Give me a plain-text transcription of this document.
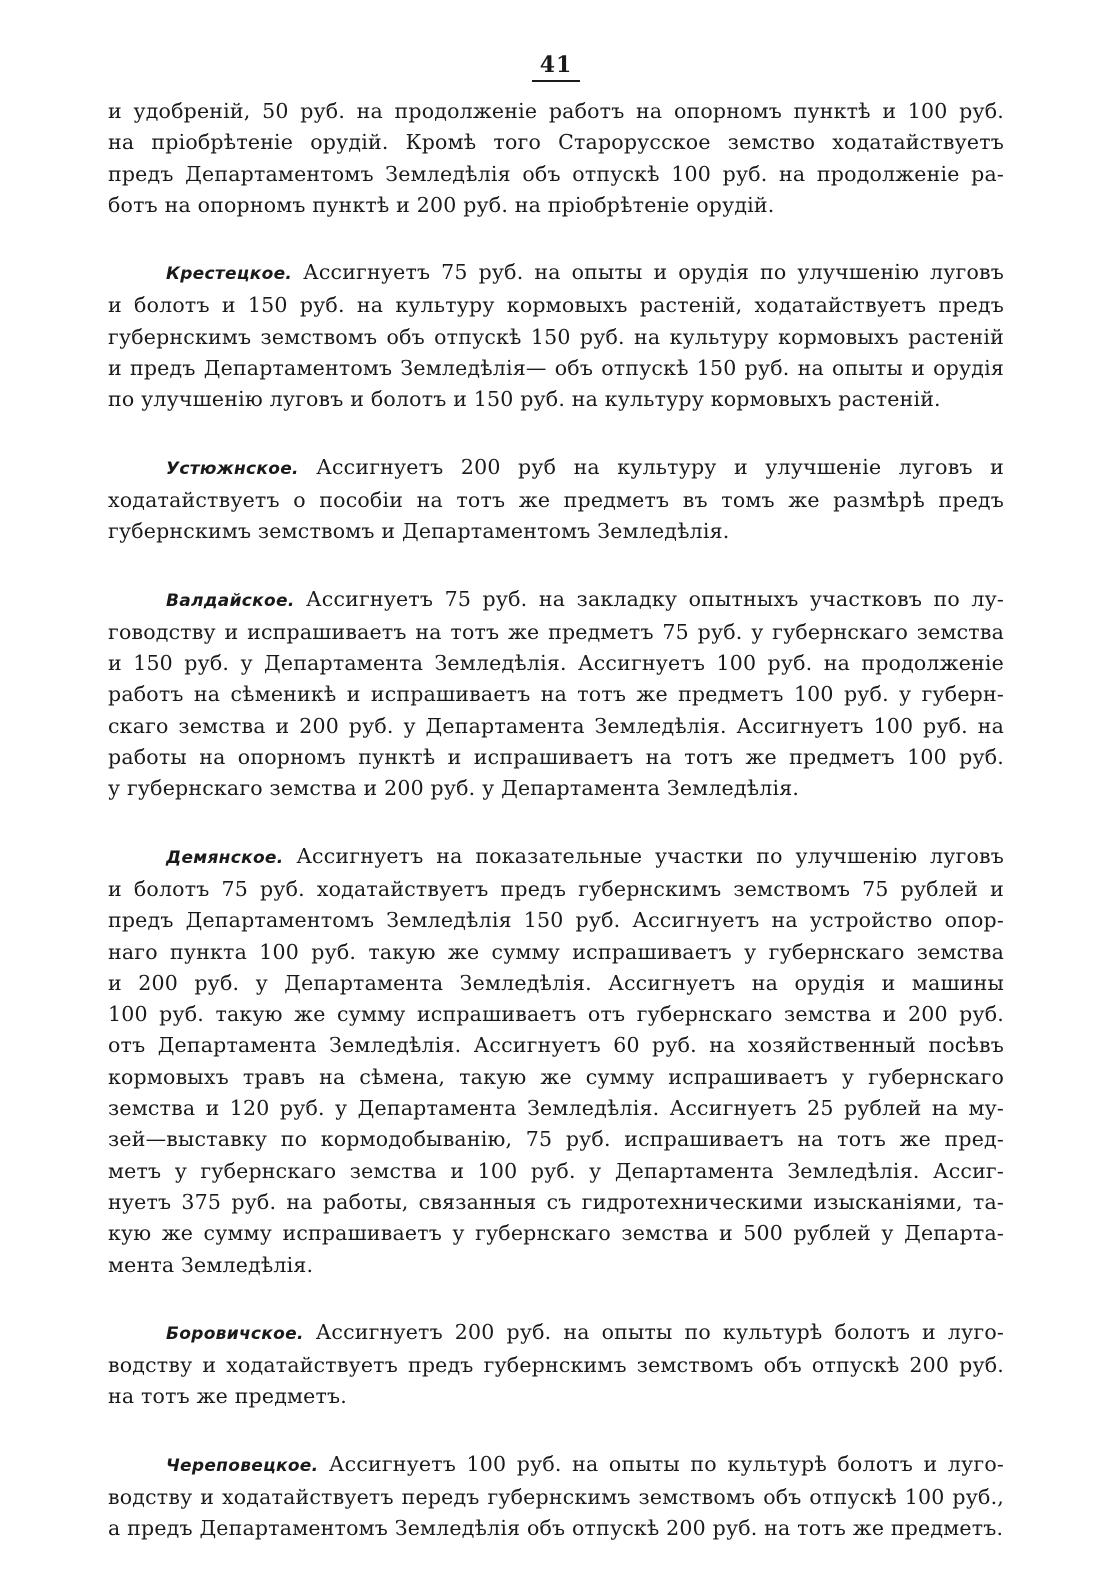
41
и удобреній, 50 руб. на продолженіе работъ на опорномъ пунктѣ и 100 руб.
на пріобрѣтеніе орудій. Кромѣ того Старорусское земство ходатайствуетъ
предъ Департаментомъ Земледѣлія объ отпускѣ 100 руб. на продолженіе ра-
ботъ на опорномъ пунктѣ и 200 руб. на пріобрѣтеніе орудій.
Крестецкое. Ассигнуетъ 75 руб. на опыты и орудія по улучшенію луговъ
и болотъ и 150 руб. на культуру кормовыхъ растеній, ходатайствуетъ предъ
губернскимъ земствомъ объ отпускѣ 150 руб. на культуру кормовыхъ растеній
и предъ Департаментомъ Земледѣлія— объ отпускѣ 150 руб. на опыты и орудія
по улучшенію луговъ и болотъ и 150 руб. на культуру кормовыхъ растеній.
Устюжнское. Ассигнуетъ 200 руб на культуру и улучшеніе луговъ и
ходатайствуетъ о пособіи на тотъ же предметъ въ томъ же размѣрѣ предъ
губернскимъ земствомъ и Департаментомъ Земледѣлія.
Валдайское. Ассигнуетъ 75 руб. на закладку опытныхъ участковъ по лу-
говодству и испрашиваетъ на тотъ же предметъ 75 руб. у губернскаго земства
и 150 руб. у Департамента Земледѣлія. Ассигнуетъ 100 руб. на продолженіе
работъ на сѣменикѣ и испрашиваетъ на тотъ же предметъ 100 руб. у губерн-
скаго земства и 200 руб. у Департамента Земледѣлія. Ассигнуетъ 100 руб. на
работы на опорномъ пунктѣ и испрашиваетъ на тотъ же предметъ 100 руб.
у губернскаго земства и 200 руб. у Департамента Земледѣлія.
Демянское. Ассигнуетъ на показательные участки по улучшенію луговъ
и болотъ 75 руб. ходатайствуетъ предъ губернскимъ земствомъ 75 рублей и
предъ Департаментомъ Земледѣлія 150 руб. Ассигнуетъ на устройство опор-
наго пункта 100 руб. такую же сумму испрашиваетъ у губернскаго земства
и 200 руб. у Департамента Земледѣлія. Ассигнуетъ на орудія и машины
100 руб. такую же сумму испрашиваетъ отъ губернскаго земства и 200 руб.
отъ Департамента Земледѣлія. Ассигнуетъ 60 руб. на хозяйственный посѣвъ
кормовыхъ травъ на сѣмена, такую же сумму испрашиваетъ у губернскаго
земства и 120 руб. у Департамента Земледѣлія. Ассигнуетъ 25 рублей на му-
зей—выставку по кормодобыванію, 75 руб. испрашиваетъ на тотъ же пред-
метъ у губернскаго земства и 100 руб. у Департамента Земледѣлія. Ассиг-
нуетъ 375 руб. на работы, связанныя съ гидротехническими изысканіями, та-
кую же сумму испрашиваетъ у губернскаго земства и 500 рублей у Департа-
мента Земледѣлія.
Боровичское. Ассигнуетъ 200 руб. на опыты по культурѣ болотъ и луго-
водству и ходатайствуетъ предъ губернскимъ земствомъ объ отпускѣ 200 руб.
на тотъ же предметъ.
Череповецкое. Ассигнуетъ 100 руб. на опыты по культурѣ болотъ и луго-
водству и ходатайствуетъ передъ губернскимъ земствомъ объ отпускѣ 100 руб.,
а предъ Департаментомъ Земледѣлія объ отпускѣ 200 руб. на тотъ же предметъ.
